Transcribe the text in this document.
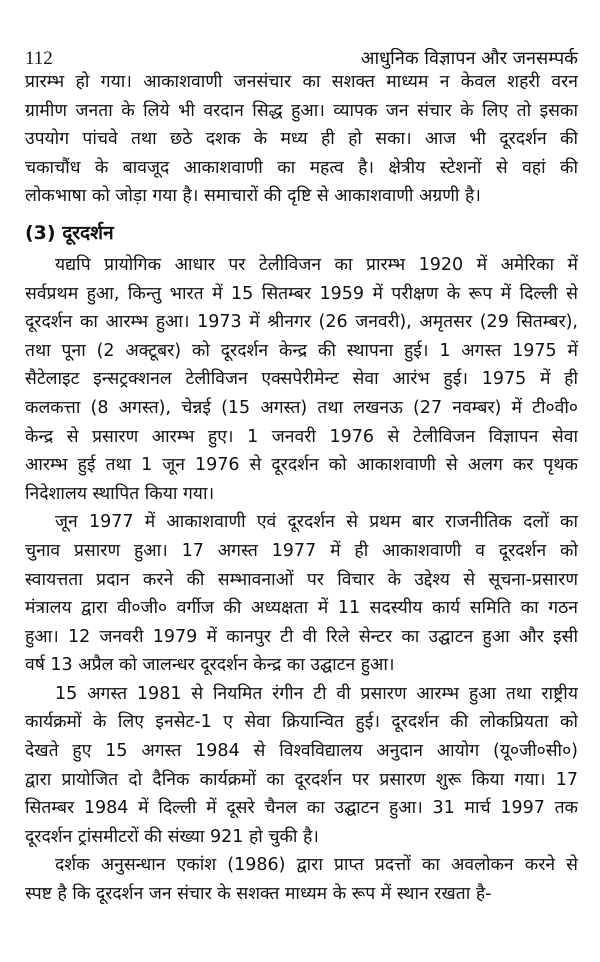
112	आधुनिक विज्ञापन और जनसम्पर्क
प्रारम्भ हो गया। आकाशवाणी जनसंचार का सशक्त माध्यम न केवल शहरी वरन
ग्रामीण जनता के लिये भी वरदान सिद्ध हुआ। व्यापक जन संचार के लिए तो इसका
उपयोग पांचवे तथा छठे दशक के मध्य ही हो सका। आज भी दूरदर्शन की
चकाचौंध के बावजूद आकाशवाणी का महत्व है। क्षेत्रीय स्टेशनों से वहां की
लोकभाषा को जोड़ा गया है। समाचारों की दृष्टि से आकाशवाणी अग्रणी है।
(3) दूरदर्शन
यद्यपि प्रायोगिक आधार पर टेलीविजन का प्रारम्भ 1920 में अमेरिका में
सर्वप्रथम हुआ, किन्तु भारत में 15 सितम्बर 1959 में परीक्षण के रूप में दिल्ली से
दूरदर्शन का आरम्भ हुआ। 1973 में श्रीनगर (26 जनवरी), अमृतसर (29 सितम्बर),
तथा पूना (2 अक्टूबर) को दूरदर्शन केन्द्र की स्थापना हुई। 1 अगस्त 1975 में
सैटेलाइट इन्सट्रक्शनल टेलीविजन एक्सपेरीमेन्ट सेवा आरंभ हुई। 1975 में ही
कलकत्ता (8 अगस्त), चेन्नई (15 अगस्त) तथा लखनऊ (27 नवम्बर) में टी०वी०
केन्द्र से प्रसारण आरम्भ हुए। 1 जनवरी 1976 से टेलीविजन विज्ञापन सेवा
आरम्भ हुई तथा 1 जून 1976 से दूरदर्शन को आकाशवाणी से अलग कर पृथक
निदेशालय स्थापित किया गया।
जून 1977 में आकाशवाणी एवं दूरदर्शन से प्रथम बार राजनीतिक दलों का
चुनाव प्रसारण हुआ। 17 अगस्त 1977 में ही आकाशवाणी व दूरदर्शन को
स्वायत्तता प्रदान करने की सम्भावनाओं पर विचार के उद्देश्य से सूचना-प्रसारण
मंत्रालय द्वारा वी०जी० वर्गीज की अध्यक्षता में 11 सदस्यीय कार्य समिति का गठन
हुआ। 12 जनवरी 1979 में कानपुर टी वी रिले सेन्टर का उद्घाटन हुआ और इसी
वर्ष 13 अप्रैल को जालन्धर दूरदर्शन केन्द्र का उद्घाटन हुआ।
15 अगस्त 1981 से नियमित रंगीन टी वी प्रसारण आरम्भ हुआ तथा राष्ट्रीय
कार्यक्रमों के लिए इनसेट-1 ए सेवा क्रियान्वित हुई। दूरदर्शन की लोकप्रियता को
देखते हुए 15 अगस्त 1984 से विश्वविद्यालय अनुदान आयोग (यू०जी०सी०)
द्वारा प्रायोजित दो दैनिक कार्यक्रमों का दूरदर्शन पर प्रसारण शुरू किया गया। 17
सितम्बर 1984 में दिल्ली में दूसरे चैनल का उद्घाटन हुआ। 31 मार्च 1997 तक
दूरदर्शन ट्रांसमीटरों की संख्या 921 हो चुकी है।
दर्शक अनुसन्धान एकांश (1986) द्वारा प्राप्त प्रदत्तों का अवलोकन करने से
स्पष्ट है कि दूरदर्शन जन संचार के सशक्त माध्यम के रूप में स्थान रखता है-
